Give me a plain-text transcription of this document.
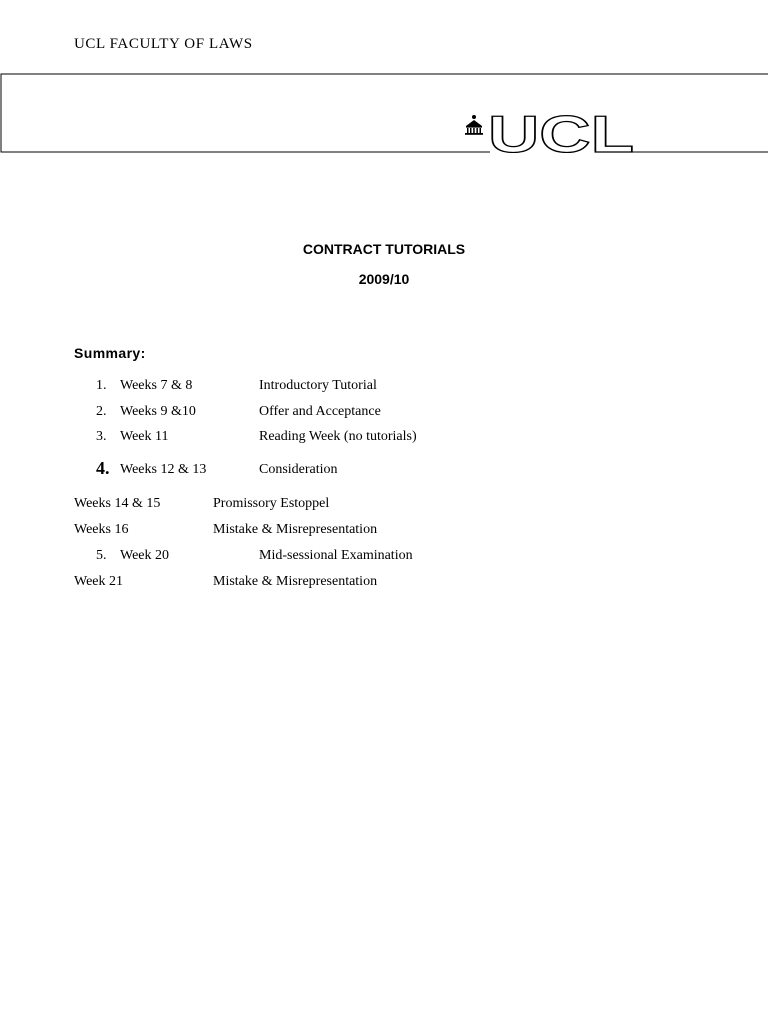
UCL FACULTY OF LAWS
UCL
CONTRACT TUTORIALS
2009/10
Summary:
1. Weeks 7 & 8	Introductory Tutorial
2. Weeks 9 &10	Offer and Acceptance
3. Week 11	Reading Week (no tutorials)
4. Weeks 12 & 13	Consideration
Weeks 14 & 15	Promissory Estoppel
Weeks 16	Mistake & Misrepresentation
5. Week 20	Mid-sessional Examination
Week 21	Mistake & Misrepresentation
